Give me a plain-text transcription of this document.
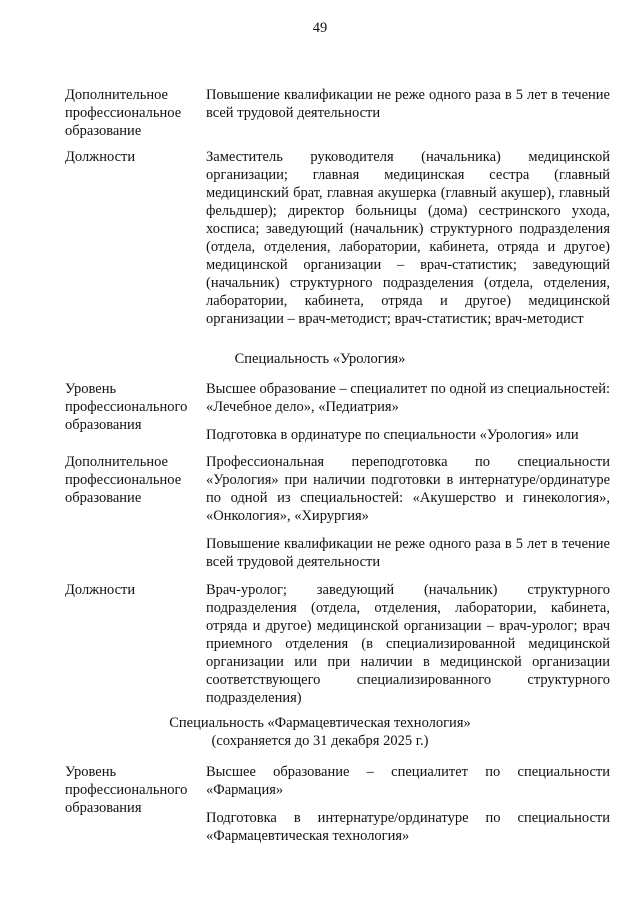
49
Дополнительное профессиональное образование

Повышение квалификации не реже одного раза в 5 лет в течение всей трудовой деятельности

Должности	Заместитель руководителя (начальника) медицинской организации; главная медицинская сестра (главный медицинский брат, главная акушерка (главный акушер), главный фельдшер); директор больницы (дома) сестринского ухода, хосписа; заведующий (начальник) структурного подразделения (отдела, отделения, лаборатории, кабинета, отряда и другое) медицинской организации – врач-статистик; заведующий (начальник) структурного подразделения (отдела, отделения, лаборатории, кабинета, отряда и другое) медицинской организации – врач-методист; врач-статистик; врач-методист

Специальность «Урология»
Уровень профессионального образования

Высшее образование – специалитет по одной из специальностей: «Лечебное дело», «Педиатрия»

Подготовка в ординатуре по специальности «Урология» или

Дополнительное профессиональное образование

Профессиональная переподготовка по специальности «Урология» при наличии подготовки в интернатуре/ординатуре по одной из специальностей: «Акушерство и гинекология», «Онкология», «Хирургия»

Повышение квалификации не реже одного раза в 5 лет в течение всей трудовой деятельности

Должности	Врач-уролог; заведующий (начальник) структурного подразделения (отдела, отделения, лаборатории, кабинета, отряда и другое) медицинской организации – врач-уролог; врач приемного отделения (в специализированной медицинской организации или при наличии в медицинской организации соответствующего специализированного структурного подразделения)

Специальность «Фармацевтическая технология»
(сохраняется до 31 декабря 2025 г.)
Уровень профессионального образования

Высшее образование – специалитет по специальности «Фармация»

Подготовка в интернатуре/ординатуре по специальности «Фармацевтическая технология»
